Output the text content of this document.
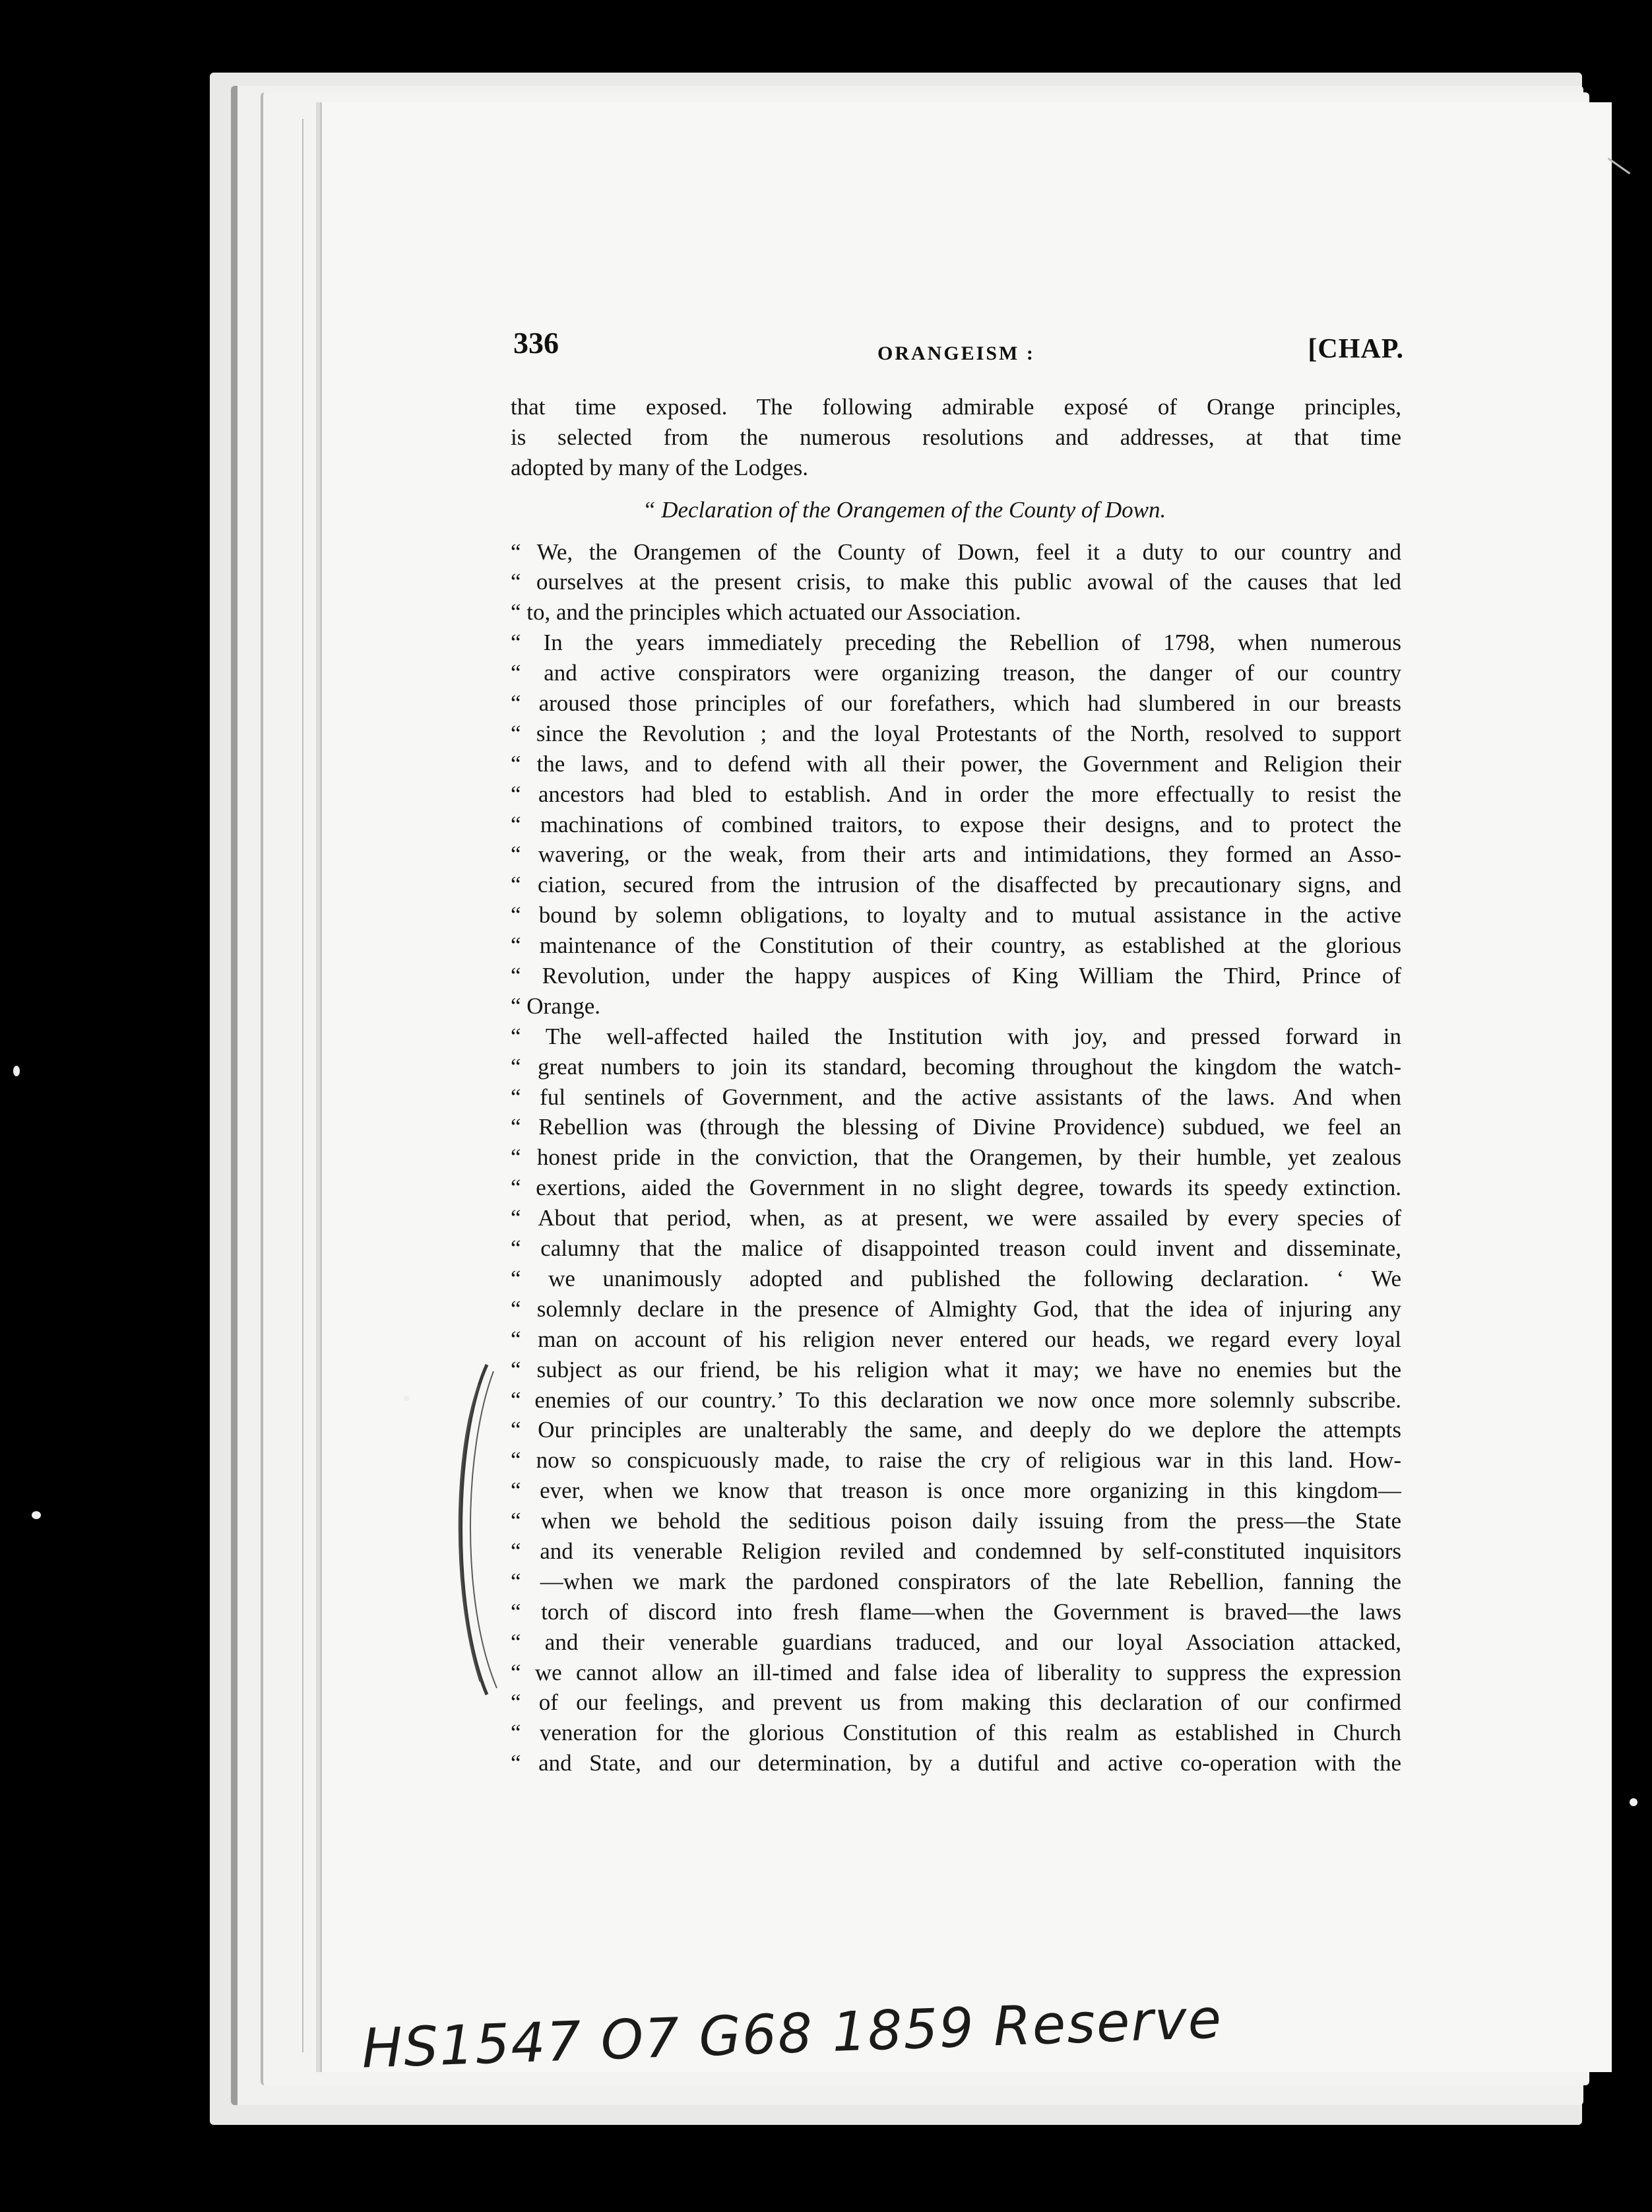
336	ORANGEISM :	[CHAP.
that time exposed. The following admirable exposé of Orange principles,
is selected from the numerous resolutions and addresses, at that time
adopted by many of the Lodges.
“ Declaration of the Orangemen of the County of Down.
“ We, the Orangemen of the County of Down, feel it a duty to our country and
“ ourselves at the present crisis, to make this public avowal of the causes that led
“ to, and the principles which actuated our Association.
“ In the years immediately preceding the Rebellion of 1798, when numerous
“ and active conspirators were organizing treason, the danger of our country
“ aroused those principles of our forefathers, which had slumbered in our breasts
“ since the Revolution ; and the loyal Protestants of the North, resolved to support
“ the laws, and to defend with all their power, the Government and Religion their
“ ancestors had bled to establish. And in order the more effectually to resist the
“ machinations of combined traitors, to expose their designs, and to protect the
“ wavering, or the weak, from their arts and intimidations, they formed an Asso-
“ ciation, secured from the intrusion of the disaffected by precautionary signs, and
“ bound by solemn obligations, to loyalty and to mutual assistance in the active
“ maintenance of the Constitution of their country, as established at the glorious
“ Revolution, under the happy auspices of King William the Third, Prince of
“ Orange.
“ The well-affected hailed the Institution with joy, and pressed forward in
“ great numbers to join its standard, becoming throughout the kingdom the watch-
“ ful sentinels of Government, and the active assistants of the laws. And when
“ Rebellion was (through the blessing of Divine Providence) subdued, we feel an
“ honest pride in the conviction, that the Orangemen, by their humble, yet zealous
“ exertions, aided the Government in no slight degree, towards its speedy extinction.
“ About that period, when, as at present, we were assailed by every species of
“ calumny that the malice of disappointed treason could invent and disseminate,
“ we unanimously adopted and published the following declaration. ‘ We
“ solemnly declare in the presence of Almighty God, that the idea of injuring any
“ man on account of his religion never entered our heads, we regard every loyal
“ subject as our friend, be his religion what it may; we have no enemies but the
“ enemies of our country.’ To this declaration we now once more solemnly subscribe.
“ Our principles are unalterably the same, and deeply do we deplore the attempts
“ now so conspicuously made, to raise the cry of religious war in this land. How-
“ ever, when we know that treason is once more organizing in this kingdom—
“ when we behold the seditious poison daily issuing from the press—the State
“ and its venerable Religion reviled and condemned by self-constituted inquisitors
“ —when we mark the pardoned conspirators of the late Rebellion, fanning the
“ torch of discord into fresh flame—when the Government is braved—the laws
“ and their venerable guardians traduced, and our loyal Association attacked,
“ we cannot allow an ill-timed and false idea of liberality to suppress the expression
“ of our feelings, and prevent us from making this declaration of our confirmed
“ veneration for the glorious Constitution of this realm as established in Church
“ and State, and our determination, by a dutiful and active co-operation with the
HS1547 O7 G68 1859 Reserve
